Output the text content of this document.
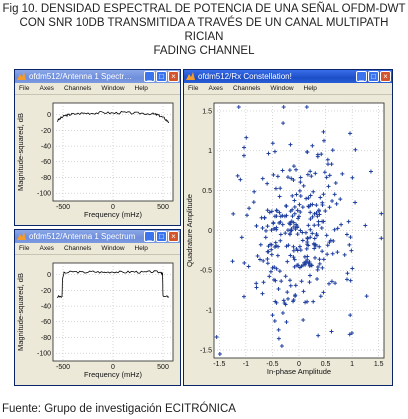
Fig 10. DENSIDAD ESPECTRAL DE POTENCIA DE UNA SEÑAL OFDM-DWT
CON SNR 10DB TRANSMITIDA A TRAVÉS DE UN CANAL MULTIPATH RICIAN
FADING CHANNEL
ofdm512/Antenna 1 Spectr…	_ □ ×
File Axes Channels Window Help
-500	0	500
0
-20
-40
-60
-80
-100
Frequency (mHz)
Magnitude-squared, dB
ofdm512/Antenna 1 Spectrum	_ □ ×
File Axes Channels Window Help
-500	0	500
0
-20
-40
-60
-80
-100
Frequency (mHz)
Magnitude-squared, dB
ofdm512/Rx Constellation!	_ □ ×
File Axes Channels Window Help
-1.5 -1 -0.5	0	0.5	1	1.5
1.5
1
0.5
0
-0.5
-1
-1.5
In-phase Amplitude
Quadrature Amplitude
Fuente: Grupo de investigación ECITRÓNICA
